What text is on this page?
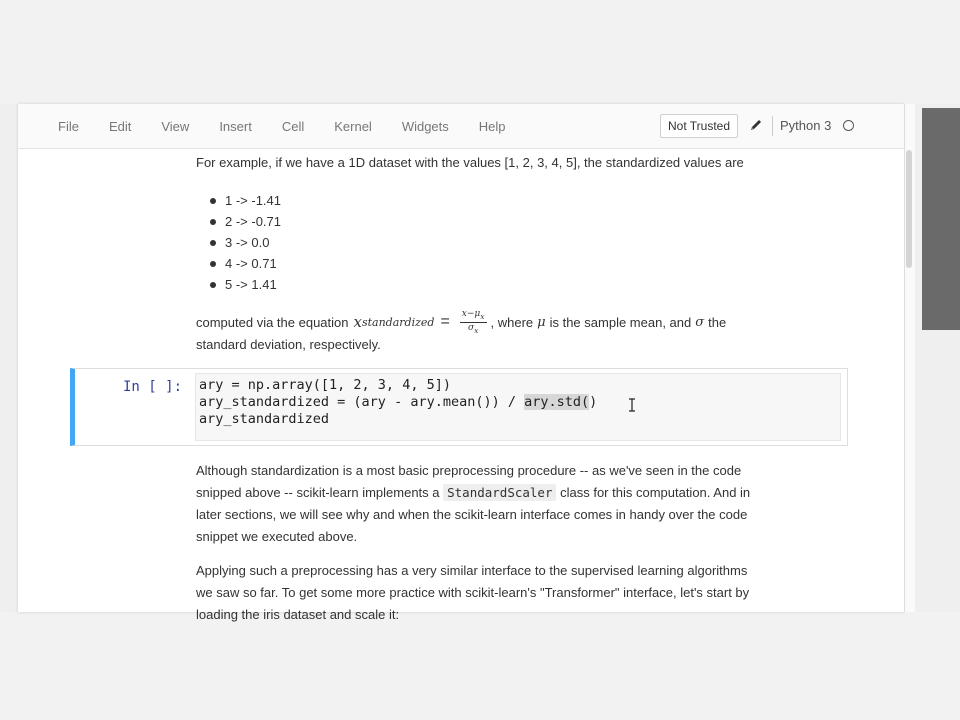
File Edit View Insert Cell Kernel Widgets Help	Not Trusted	Python 3
For example, if we have a 1D dataset with the values [1, 2, 3, 4, 5], the standardized values are
1 -> -1.41
2 -> -0.71
3 -> 0.0
4 -> 0.71
5 -> 1.41
computed via the equation x standardized = $\frac{x-\mu_x}{\sigma_x}$ , where μ is the sample mean, and σ the
standard deviation, respectively.
In [ ]: ary = np.array([1, 2, 3, 4, 5])
ary_standardized = (ary - ary.mean()) / ary.std()
ary_standardized
Although standardization is a most basic preprocessing procedure -- as we've seen in the code
snipped above -- scikit-learn implements a StandardScaler class for this computation. And in
later sections, we will see why and when the scikit-learn interface comes in handy over the code
snippet we executed above.
Applying such a preprocessing has a very similar interface to the supervised learning algorithms
we saw so far. To get some more practice with scikit-learn's "Transformer" interface, let's start by
loading the iris dataset and scale it:
